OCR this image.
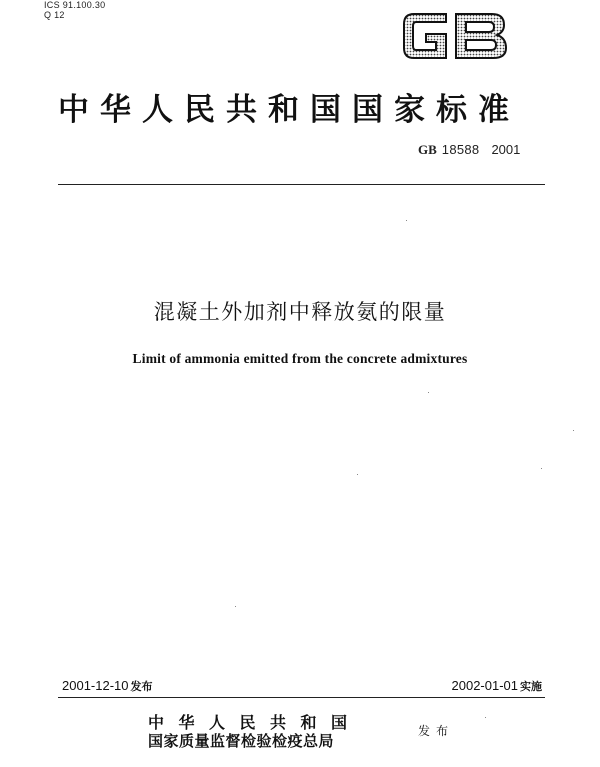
ICS 91.100.30
Q 12
中华人民共和国国家标准
GB 18588 2001
混凝土外加剂中释放氨的限量
Limit of ammonia emitted from the concrete admixtures
2001-12-10 发布	2002-01-01 实施
中华人民共和国
国家质量监督检验检疫总局
发布
